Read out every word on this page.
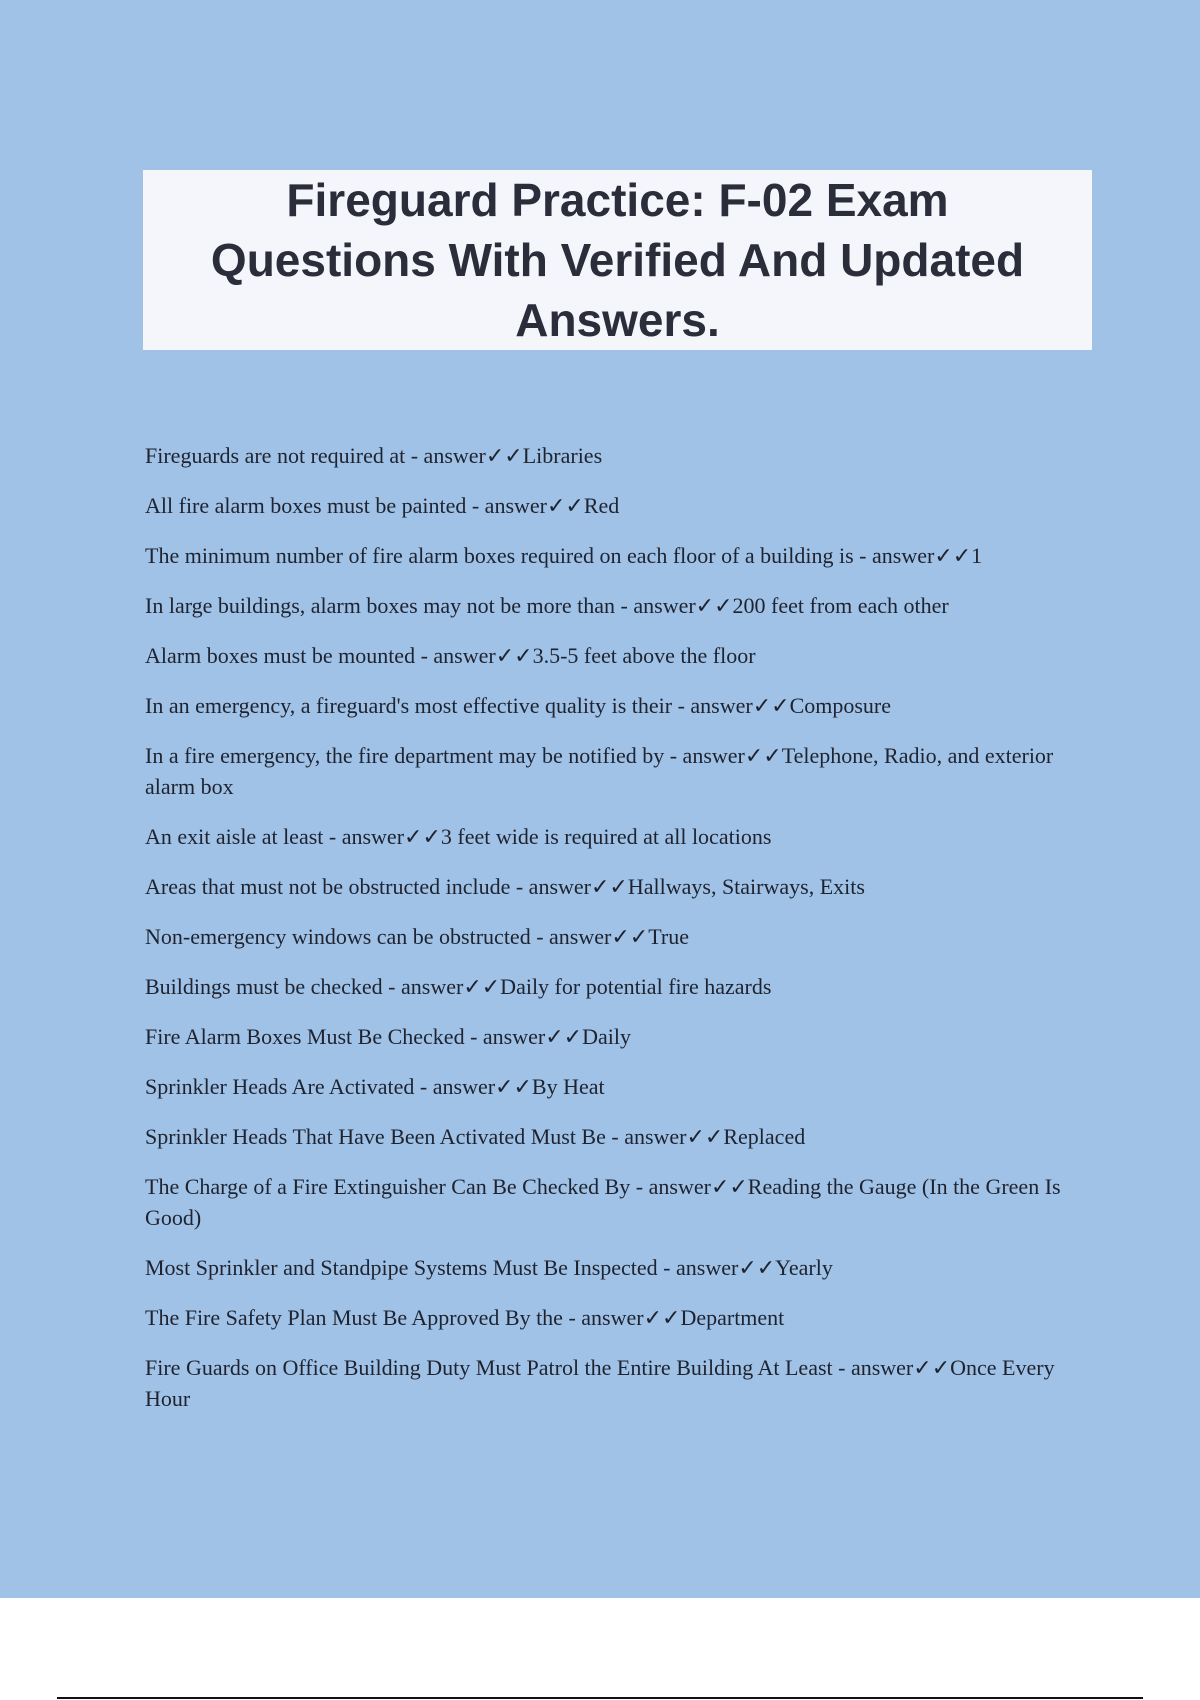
Fireguard Practice: F-02 Exam Questions With Verified And Updated Answers.
Fireguards are not required at - answer✓✓Libraries
All fire alarm boxes must be painted - answer✓✓Red
The minimum number of fire alarm boxes required on each floor of a building is - answer✓✓1
In large buildings, alarm boxes may not be more than - answer✓✓200 feet from each other
Alarm boxes must be mounted - answer✓✓3.5-5 feet above the floor
In an emergency, a fireguard's most effective quality is their - answer✓✓Composure
In a fire emergency, the fire department may be notified by - answer✓✓Telephone, Radio, and exterior alarm box
An exit aisle at least - answer✓✓3 feet wide is required at all locations
Areas that must not be obstructed include - answer✓✓Hallways, Stairways, Exits
Non-emergency windows can be obstructed - answer✓✓True
Buildings must be checked - answer✓✓Daily for potential fire hazards
Fire Alarm Boxes Must Be Checked - answer✓✓Daily
Sprinkler Heads Are Activated - answer✓✓By Heat
Sprinkler Heads That Have Been Activated Must Be - answer✓✓Replaced
The Charge of a Fire Extinguisher Can Be Checked By - answer✓✓Reading the Gauge (In the Green Is Good)
Most Sprinkler and Standpipe Systems Must Be Inspected - answer✓✓Yearly
The Fire Safety Plan Must Be Approved By the - answer✓✓Department
Fire Guards on Office Building Duty Must Patrol the Entire Building At Least - answer✓✓Once Every Hour
